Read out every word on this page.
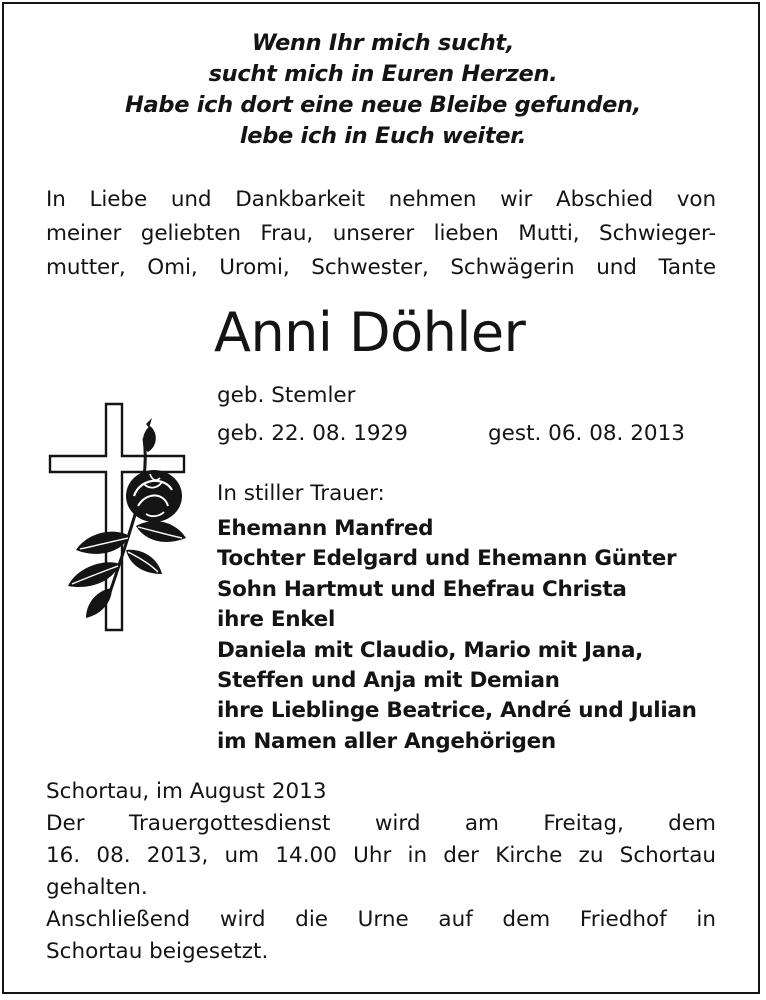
Wenn Ihr mich sucht,
sucht mich in Euren Herzen.
Habe ich dort eine neue Bleibe gefunden,
lebe ich in Euch weiter.
In Liebe und Dankbarkeit nehmen wir Abschied von
meiner geliebten Frau, unserer lieben Mutti, Schwieger-
mutter, Omi, Uromi, Schwester, Schwägerin und Tante
Anni Döhler
geb. Stemler
geb. 22. 08. 1929	gest. 06. 08. 2013
In stiller Trauer:
Ehemann Manfred
Tochter Edelgard und Ehemann Günter
Sohn Hartmut und Ehefrau Christa
ihre Enkel
Daniela mit Claudio, Mario mit Jana,
Steffen und Anja mit Demian
ihre Lieblinge Beatrice, André und Julian
im Namen aller Angehörigen
Schortau, im August 2013
Der Trauergottesdienst wird am Freitag, dem
16. 08. 2013, um 14.00 Uhr in der Kirche zu Schortau
gehalten.
Anschließend wird die Urne auf dem Friedhof in
Schortau beigesetzt.
